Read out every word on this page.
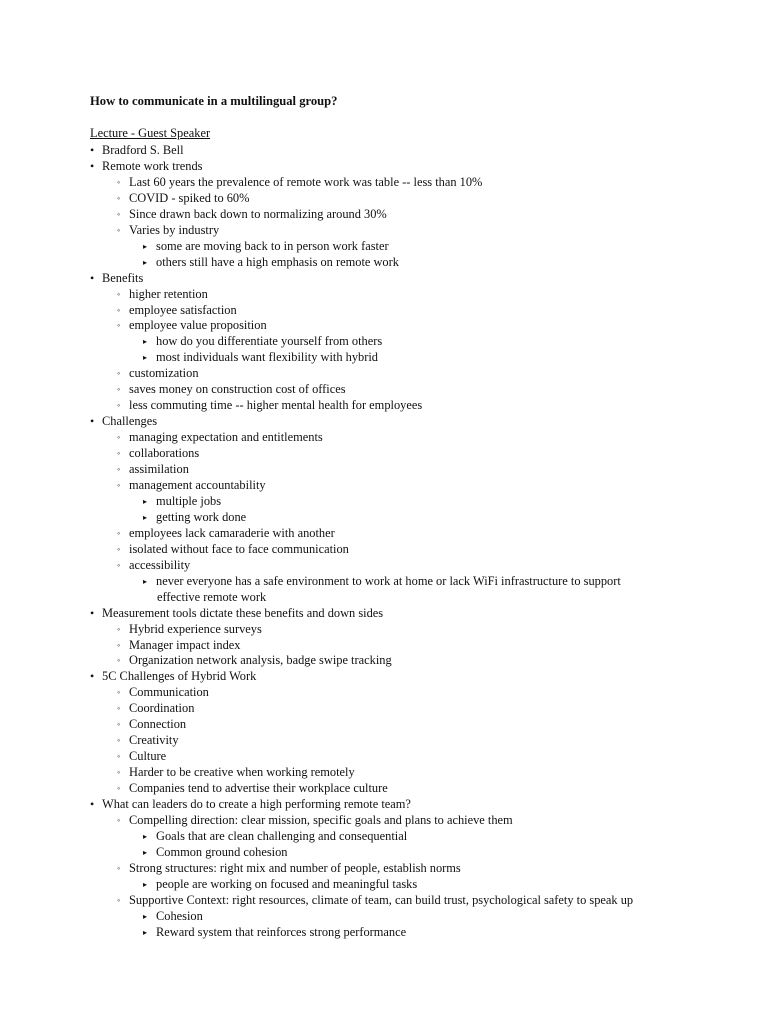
How to communicate in a multilingual group?
Lecture - Guest Speaker
• Bradford S. Bell
• Remote work trends
◦ Last 60 years the prevalence of remote work was table -- less than 10%
◦ COVID - spiked to 60%
◦ Since drawn back down to normalizing around 30%
◦ Varies by industry
▸ some are moving back to in person work faster
▸ others still have a high emphasis on remote work
• Benefits
◦ higher retention
◦ employee satisfaction
◦ employee value proposition
▸ how do you differentiate yourself from others
▸ most individuals want flexibility with hybrid
◦ customization
◦ saves money on construction cost of offices
◦ less commuting time -- higher mental health for employees
• Challenges
◦ managing expectation and entitlements
◦ collaborations
◦ assimilation
◦ management accountability
▸ multiple jobs
▸ getting work done
◦ employees lack camaraderie with another
◦ isolated without face to face communication
◦ accessibility
▸ never everyone has a safe environment to work at home or lack WiFi infrastructure to support
effective remote work
• Measurement tools dictate these benefits and down sides
◦ Hybrid experience surveys
◦ Manager impact index
◦ Organization network analysis, badge swipe tracking
• 5C Challenges of Hybrid Work
◦ Communication
◦ Coordination
◦ Connection
◦ Creativity
◦ Culture
◦ Harder to be creative when working remotely
◦ Companies tend to advertise their workplace culture
• What can leaders do to create a high performing remote team?
◦ Compelling direction: clear mission, specific goals and plans to achieve them
▸ Goals that are clean challenging and consequential
▸ Common ground cohesion
◦ Strong structures: right mix and number of people, establish norms
▸ people are working on focused and meaningful tasks
◦ Supportive Context: right resources, climate of team, can build trust, psychological safety to speak up
▸ Cohesion
▸ Reward system that reinforces strong performance
